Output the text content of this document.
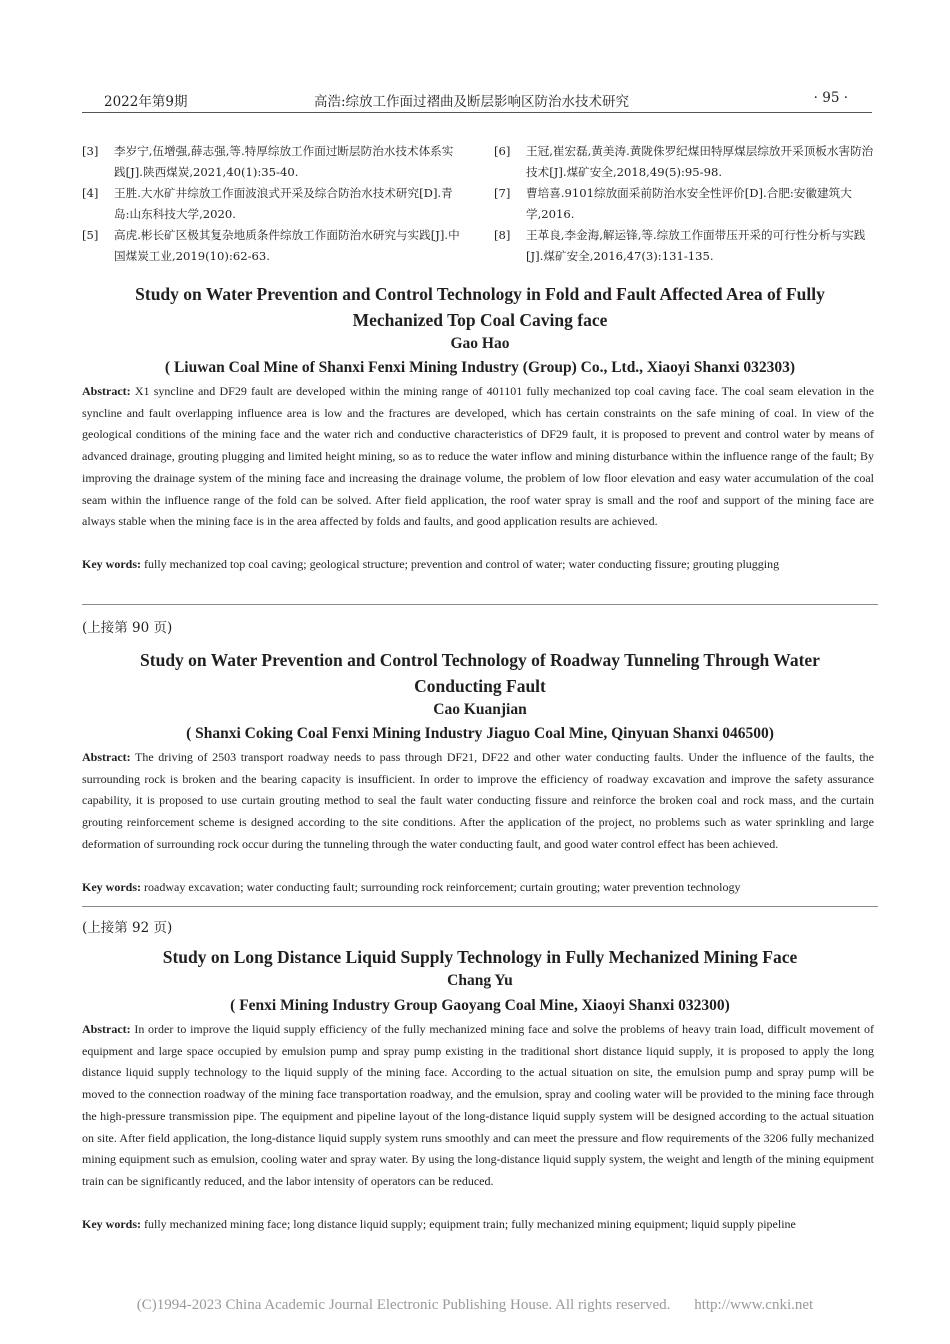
2022年第9期	高浩:综放工作面过褶曲及断层影响区防治水技术研究	· 95 ·
[3] 李岁宁,伍增强,薛志强,等.特厚综放工作面过断层防治水技术体系实践[J].陕西煤炭,2021,40(1):35-40.
[4] 王胜.大水矿井综放工作面波浪式开采及综合防治水技术研究[D].青岛:山东科技大学,2020.
[5] 高虎.彬长矿区极其复杂地质条件综放工作面防治水研究与实践[J].中国煤炭工业,2019(10):62-63.
[6] 王冠,崔宏磊,黄美涛.黄陇侏罗纪煤田特厚煤层综放开采顶板水害防治技术[J].煤矿安全,2018,49(5):95-98.
[7] 曹培喜.9101综放面采前防治水安全性评价[D].合肥:安徽建筑大学,2016.
[8] 王革良,李金海,解运锋,等.综放工作面带压开采的可行性分析与实践[J].煤矿安全,2016,47(3):131-135.
Study on Water Prevention and Control Technology in Fold and Fault Affected Area of Fully
Mechanized Top Coal Caving face
Gao Hao
( Liuwan Coal Mine of Shanxi Fenxi Mining Industry (Group) Co., Ltd., Xiaoyi Shanxi 032303)
Abstract: X1 syncline and DF29 fault are developed within the mining range of 401101 fully mechanized top coal caving face. The coal seam elevation in the syncline and fault overlapping influence area is low and the fractures are developed, which has certain constraints on the safe mining of coal. In view of the geological conditions of the mining face and the water rich and conductive characteristics of DF29 fault, it is proposed to prevent and control water by means of advanced drainage, grouting plugging and limited height mining, so as to reduce the water inflow and mining disturbance within the influence range of the fault; By improving the drainage system of the mining face and increasing the drainage volume, the problem of low floor elevation and easy water accumulation of the coal seam within the influence range of the fold can be solved. After field application, the roof water spray is small and the roof and support of the mining face are always stable when the mining face is in the area affected by folds and faults, and good application results are achieved.
Key words: fully mechanized top coal caving; geological structure; prevention and control of water; water conducting fissure; grouting plugging
(上接第 90 页)
Study on Water Prevention and Control Technology of Roadway Tunneling Through Water
Conducting Fault
Cao Kuanjian
( Shanxi Coking Coal Fenxi Mining Industry Jiaguo Coal Mine, Qinyuan Shanxi 046500)
Abstract: The driving of 2503 transport roadway needs to pass through DF21, DF22 and other water conducting faults. Under the influence of the faults, the surrounding rock is broken and the bearing capacity is insufficient. In order to improve the efficiency of roadway excavation and improve the safety assurance capability, it is proposed to use curtain grouting method to seal the fault water conducting fissure and reinforce the broken coal and rock mass, and the curtain grouting reinforcement scheme is designed according to the site conditions. After the application of the project, no problems such as water sprinkling and large deformation of surrounding rock occur during the tunneling through the water conducting fault, and good water control effect has been achieved.
Key words: roadway excavation; water conducting fault; surrounding rock reinforcement; curtain grouting; water prevention technology
(上接第 92 页)
Study on Long Distance Liquid Supply Technology in Fully Mechanized Mining Face
Chang Yu
( Fenxi Mining Industry Group Gaoyang Coal Mine, Xiaoyi Shanxi 032300)
Abstract: In order to improve the liquid supply efficiency of the fully mechanized mining face and solve the problems of heavy train load, difficult movement of equipment and large space occupied by emulsion pump and spray pump existing in the traditional short distance liquid supply, it is proposed to apply the long distance liquid supply technology to the liquid supply of the mining face. According to the actual situation on site, the emulsion pump and spray pump will be moved to the connection roadway of the mining face transportation roadway, and the emulsion, spray and cooling water will be provided to the mining face through the high-pressure transmission pipe. The equipment and pipeline layout of the long-distance liquid supply system will be designed according to the actual situation on site. After field application, the long-distance liquid supply system runs smoothly and can meet the pressure and flow requirements of the 3206 fully mechanized mining equipment such as emulsion, cooling water and spray water. By using the long-distance liquid supply system, the weight and length of the mining equipment train can be significantly reduced, and the labor intensity of operators can be reduced.
Key words: fully mechanized mining face; long distance liquid supply; equipment train; fully mechanized mining equipment; liquid supply pipeline
(C)1994-2023 China Academic Journal Electronic Publishing House. All rights reserved. http://www.cnki.net
